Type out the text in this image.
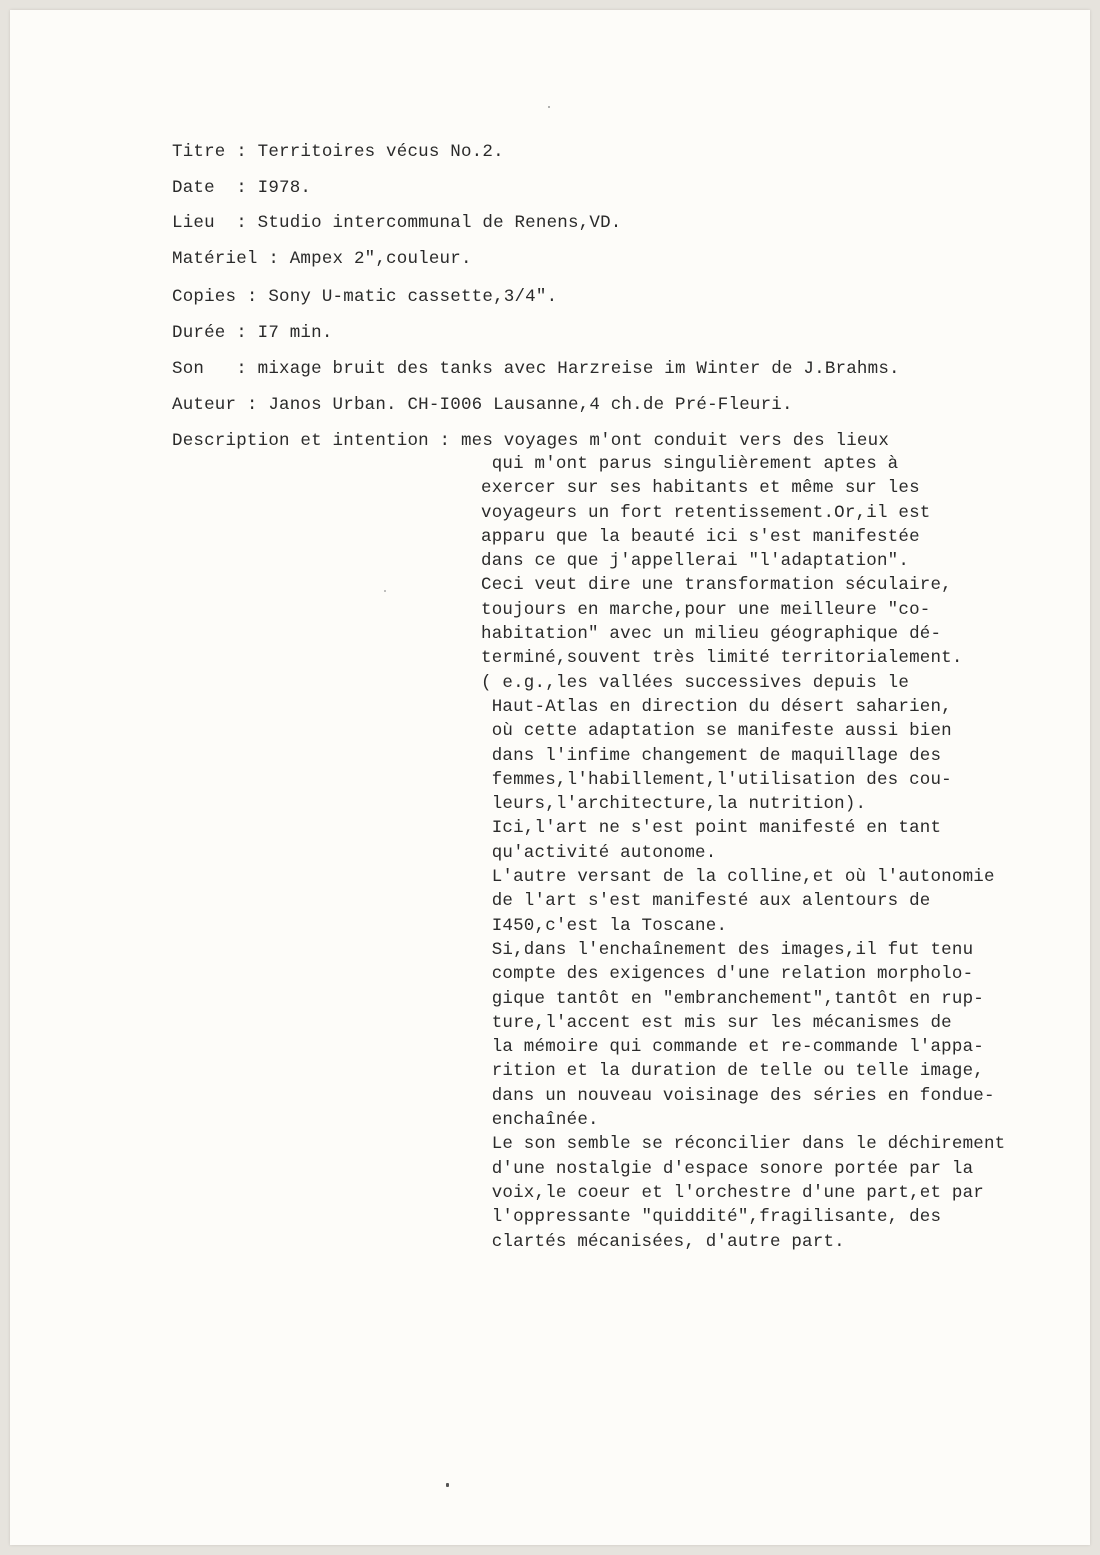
Titre : Territoires vécus No.2.
Date  : I978.
Lieu  : Studio intercommunal de Renens,VD.
Matériel : Ampex 2",couleur.
Copies : Sony U-matic cassette,3/4".
Durée : I7 min.
Son   : mixage bruit des tanks avec Harzreise im Winter de J.Brahms.
Auteur : Janos Urban. CH-I006 Lausanne,4 ch.de Pré-Fleuri.
Description et intention : mes voyages m'ont conduit vers des lieux
qui m'ont parus singulièrement aptes à
exercer sur ses habitants et même sur les
voyageurs un fort retentissement.Or,il est
apparu que la beauté ici s'est manifestée
dans ce que j'appellerai "l'adaptation".
Ceci veut dire une transformation séculaire,
toujours en marche,pour une meilleure "co-
habitation" avec un milieu géographique dé-
terminé,souvent très limité territorialement.
( e.g.,les vallées successives depuis le
Haut-Atlas en direction du désert saharien,
où cette adaptation se manifeste aussi bien
dans l'infime changement de maquillage des
femmes,l'habillement,l'utilisation des cou-
leurs,l'architecture,la nutrition).
Ici,l'art ne s'est point manifesté en tant
qu'activité autonome.
L'autre versant de la colline,et où l'autonomie
de l'art s'est manifesté aux alentours de
I450,c'est la Toscane.
Si,dans l'enchaînement des images,il fut tenu
compte des exigences d'une relation morpholo-
gique tantôt en "embranchement",tantôt en rup-
ture,l'accent est mis sur les mécanismes de
la mémoire qui commande et re-commande l'appa-
rition et la duration de telle ou telle image,
dans un nouveau voisinage des séries en fondue-
enchaînée.
Le son semble se réconcilier dans le déchirement
d'une nostalgie d'espace sonore portée par la
voix,le coeur et l'orchestre d'une part,et par
l'oppressante "quiddité",fragilisante, des
clartés mécanisées, d'autre part.
